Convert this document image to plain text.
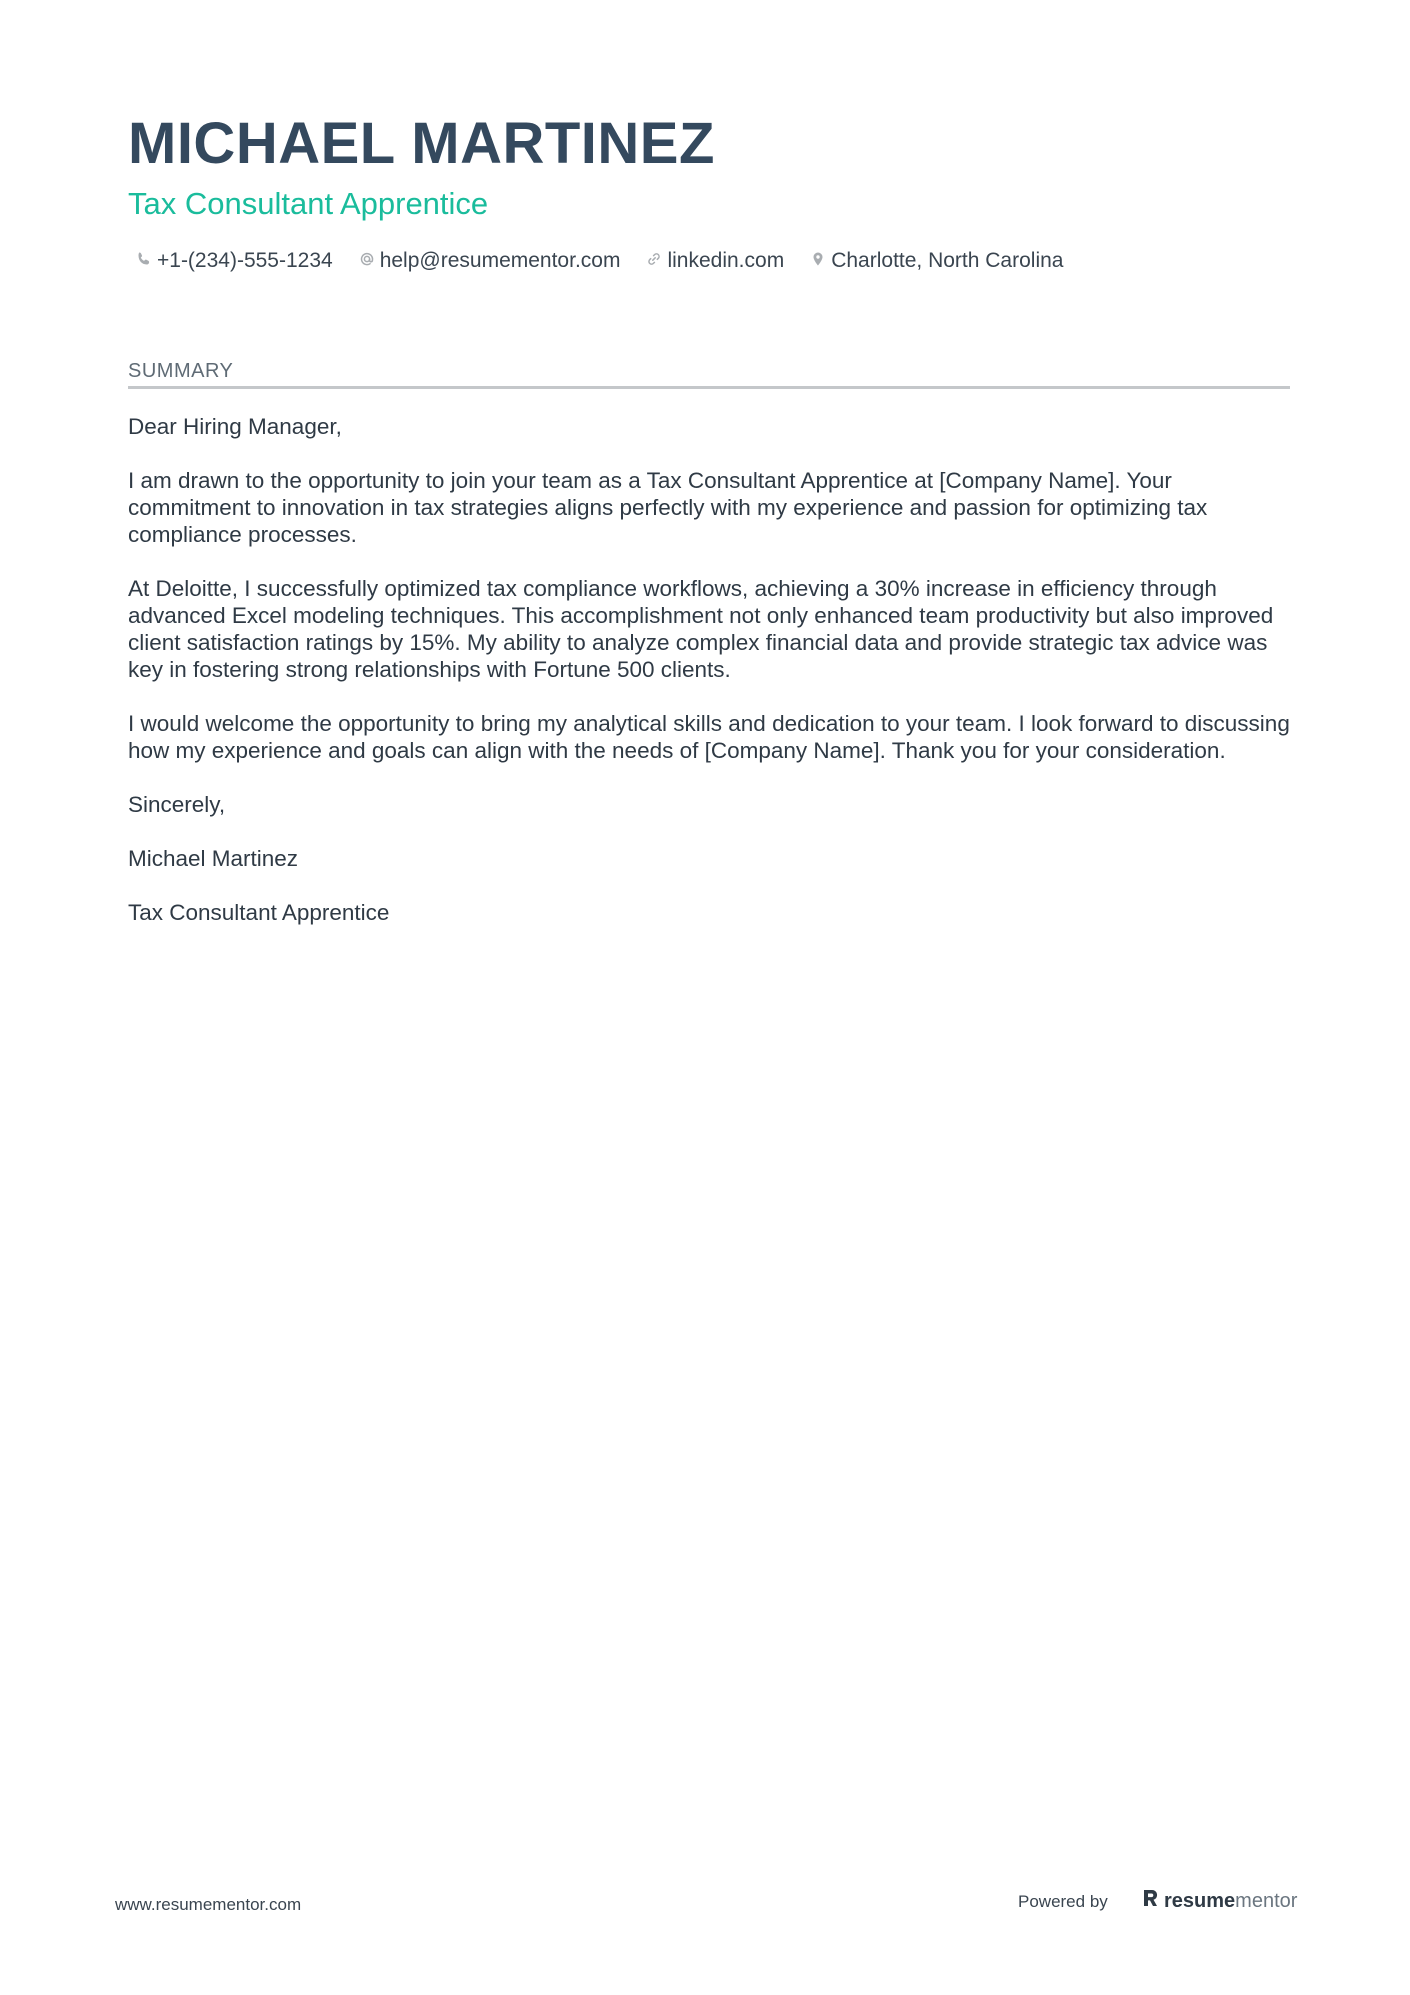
MICHAEL MARTINEZ
Tax Consultant Apprentice
+1-(234)-555-1234 help@resumementor.com linkedin.com Charlotte, North Carolina
SUMMARY

Dear Hiring Manager,

I am drawn to the opportunity to join your team as a Tax Consultant Apprentice at [Company Name]. Your commitment to innovation in tax strategies aligns perfectly with my experience and passion for optimizing tax compliance processes.

At Deloitte, I successfully optimized tax compliance workflows, achieving a 30% increase in efficiency through advanced Excel modeling techniques. This accomplishment not only enhanced team productivity but also improved client satisfaction ratings by 15%. My ability to analyze complex financial data and provide strategic tax advice was key in fostering strong relationships with Fortune 500 clients.

I would welcome the opportunity to bring my analytical skills and dedication to your team. I look forward to discussing how my experience and goals can align with the needs of [Company Name]. Thank you for your consideration.

Sincerely,

Michael Martinez

Tax Consultant Apprentice

www.resumementor.com	Powered by	resume mentor
